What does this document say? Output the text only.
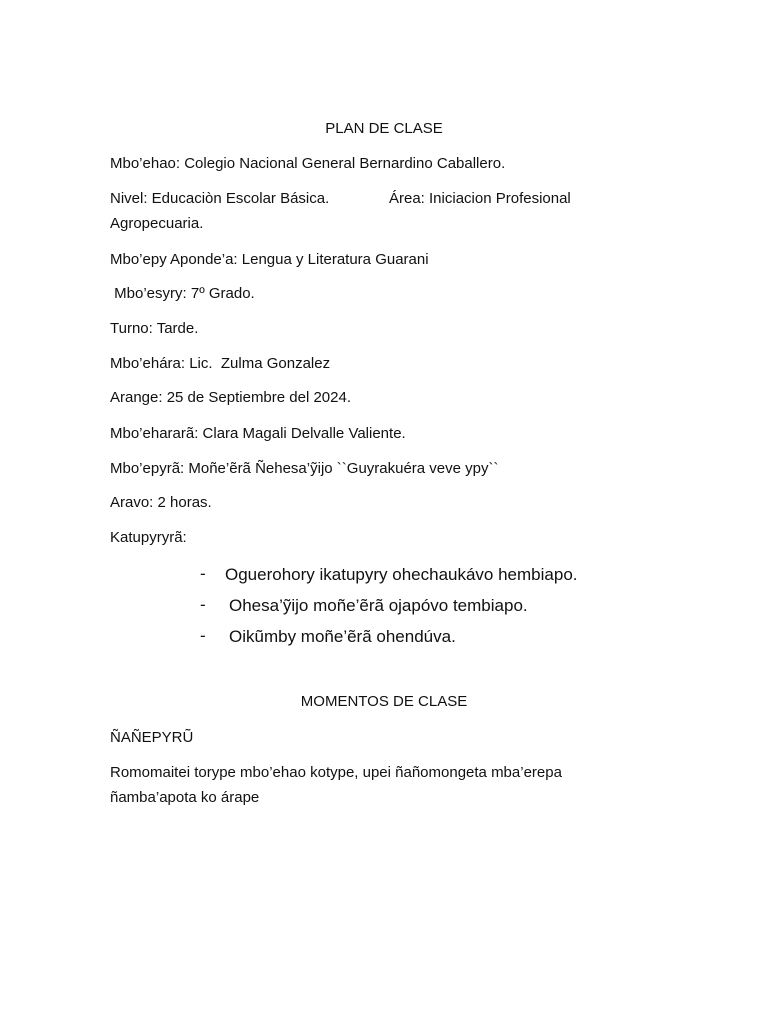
PLAN DE CLASE
Mbo’ehao: Colegio Nacional General Bernardino Caballero.
Nivel: Educaciòn Escolar Básica.	Área: Iniciacion Profesional
Agropecuaria.
Mbo’epy Aponde’a: Lengua y Literatura Guarani
Mbo’esyry: 7º Grado.
Turno: Tarde.
Mbo’ehára: Lic.  Zulma Gonzalez
Arange: 25 de Septiembre del 2024.
Mbo’ehararã: Clara Magali Delvalle Valiente.
Mbo’epyrã: Moñe’ẽrã Ñehesa’ỹijo ``Guyrakuéra veve ypy``
Aravo: 2 horas.
Katupyryrã:
- Oguerohory ikatupyry ohechaukávo hembiapo.
- Ohesa’ỹijo moñe’ẽrã ojapóvo tembiapo.
- Oikũmby moñe’ẽrã ohendúva.
MOMENTOS DE CLASE
ÑAÑEPYRŨ
Romomaitei torype mbo’ehao kotype, upei ñañomongeta mba’erepa
ñamba’apota ko árape
